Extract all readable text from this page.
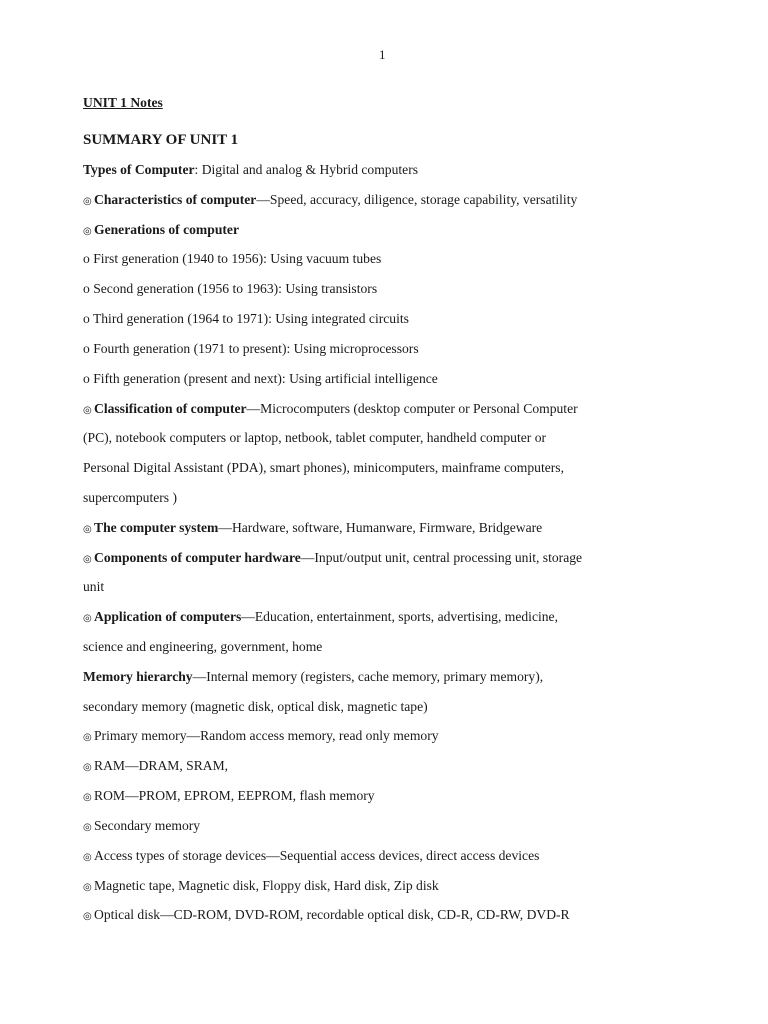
1
UNIT 1 Notes
SUMMARY OF UNIT 1
Types of Computer: Digital and analog & Hybrid computers
◎ Characteristics of computer—Speed, accuracy, diligence, storage capability, versatility
◎ Generations of computer
o First generation (1940 to 1956): Using vacuum tubes
o Second generation (1956 to 1963): Using transistors
o Third generation (1964 to 1971): Using integrated circuits
o Fourth generation (1971 to present): Using microprocessors
o Fifth generation (present and next): Using artificial intelligence
◎ Classification of computer—Microcomputers (desktop computer or Personal Computer
(PC), notebook computers or laptop, netbook, tablet computer, handheld computer or
Personal Digital Assistant (PDA), smart phones), minicomputers, mainframe computers,
supercomputers )
◎ The computer system—Hardware, software, Humanware, Firmware, Bridgeware
◎ Components of computer hardware—Input/output unit, central processing unit, storage
unit
◎ Application of computers—Education, entertainment, sports, advertising, medicine,
science and engineering, government, home
Memory hierarchy—Internal memory (registers, cache memory, primary memory),
secondary memory (magnetic disk, optical disk, magnetic tape)
◎ Primary memory—Random access memory, read only memory
◎ RAM—DRAM, SRAM,
◎ ROM—PROM, EPROM, EEPROM, flash memory
◎ Secondary memory
◎ Access types of storage devices—Sequential access devices, direct access devices
◎ Magnetic tape, Magnetic disk, Floppy disk, Hard disk, Zip disk
◎ Optical disk—CD-ROM, DVD-ROM, recordable optical disk, CD-R, CD-RW, DVD-R
